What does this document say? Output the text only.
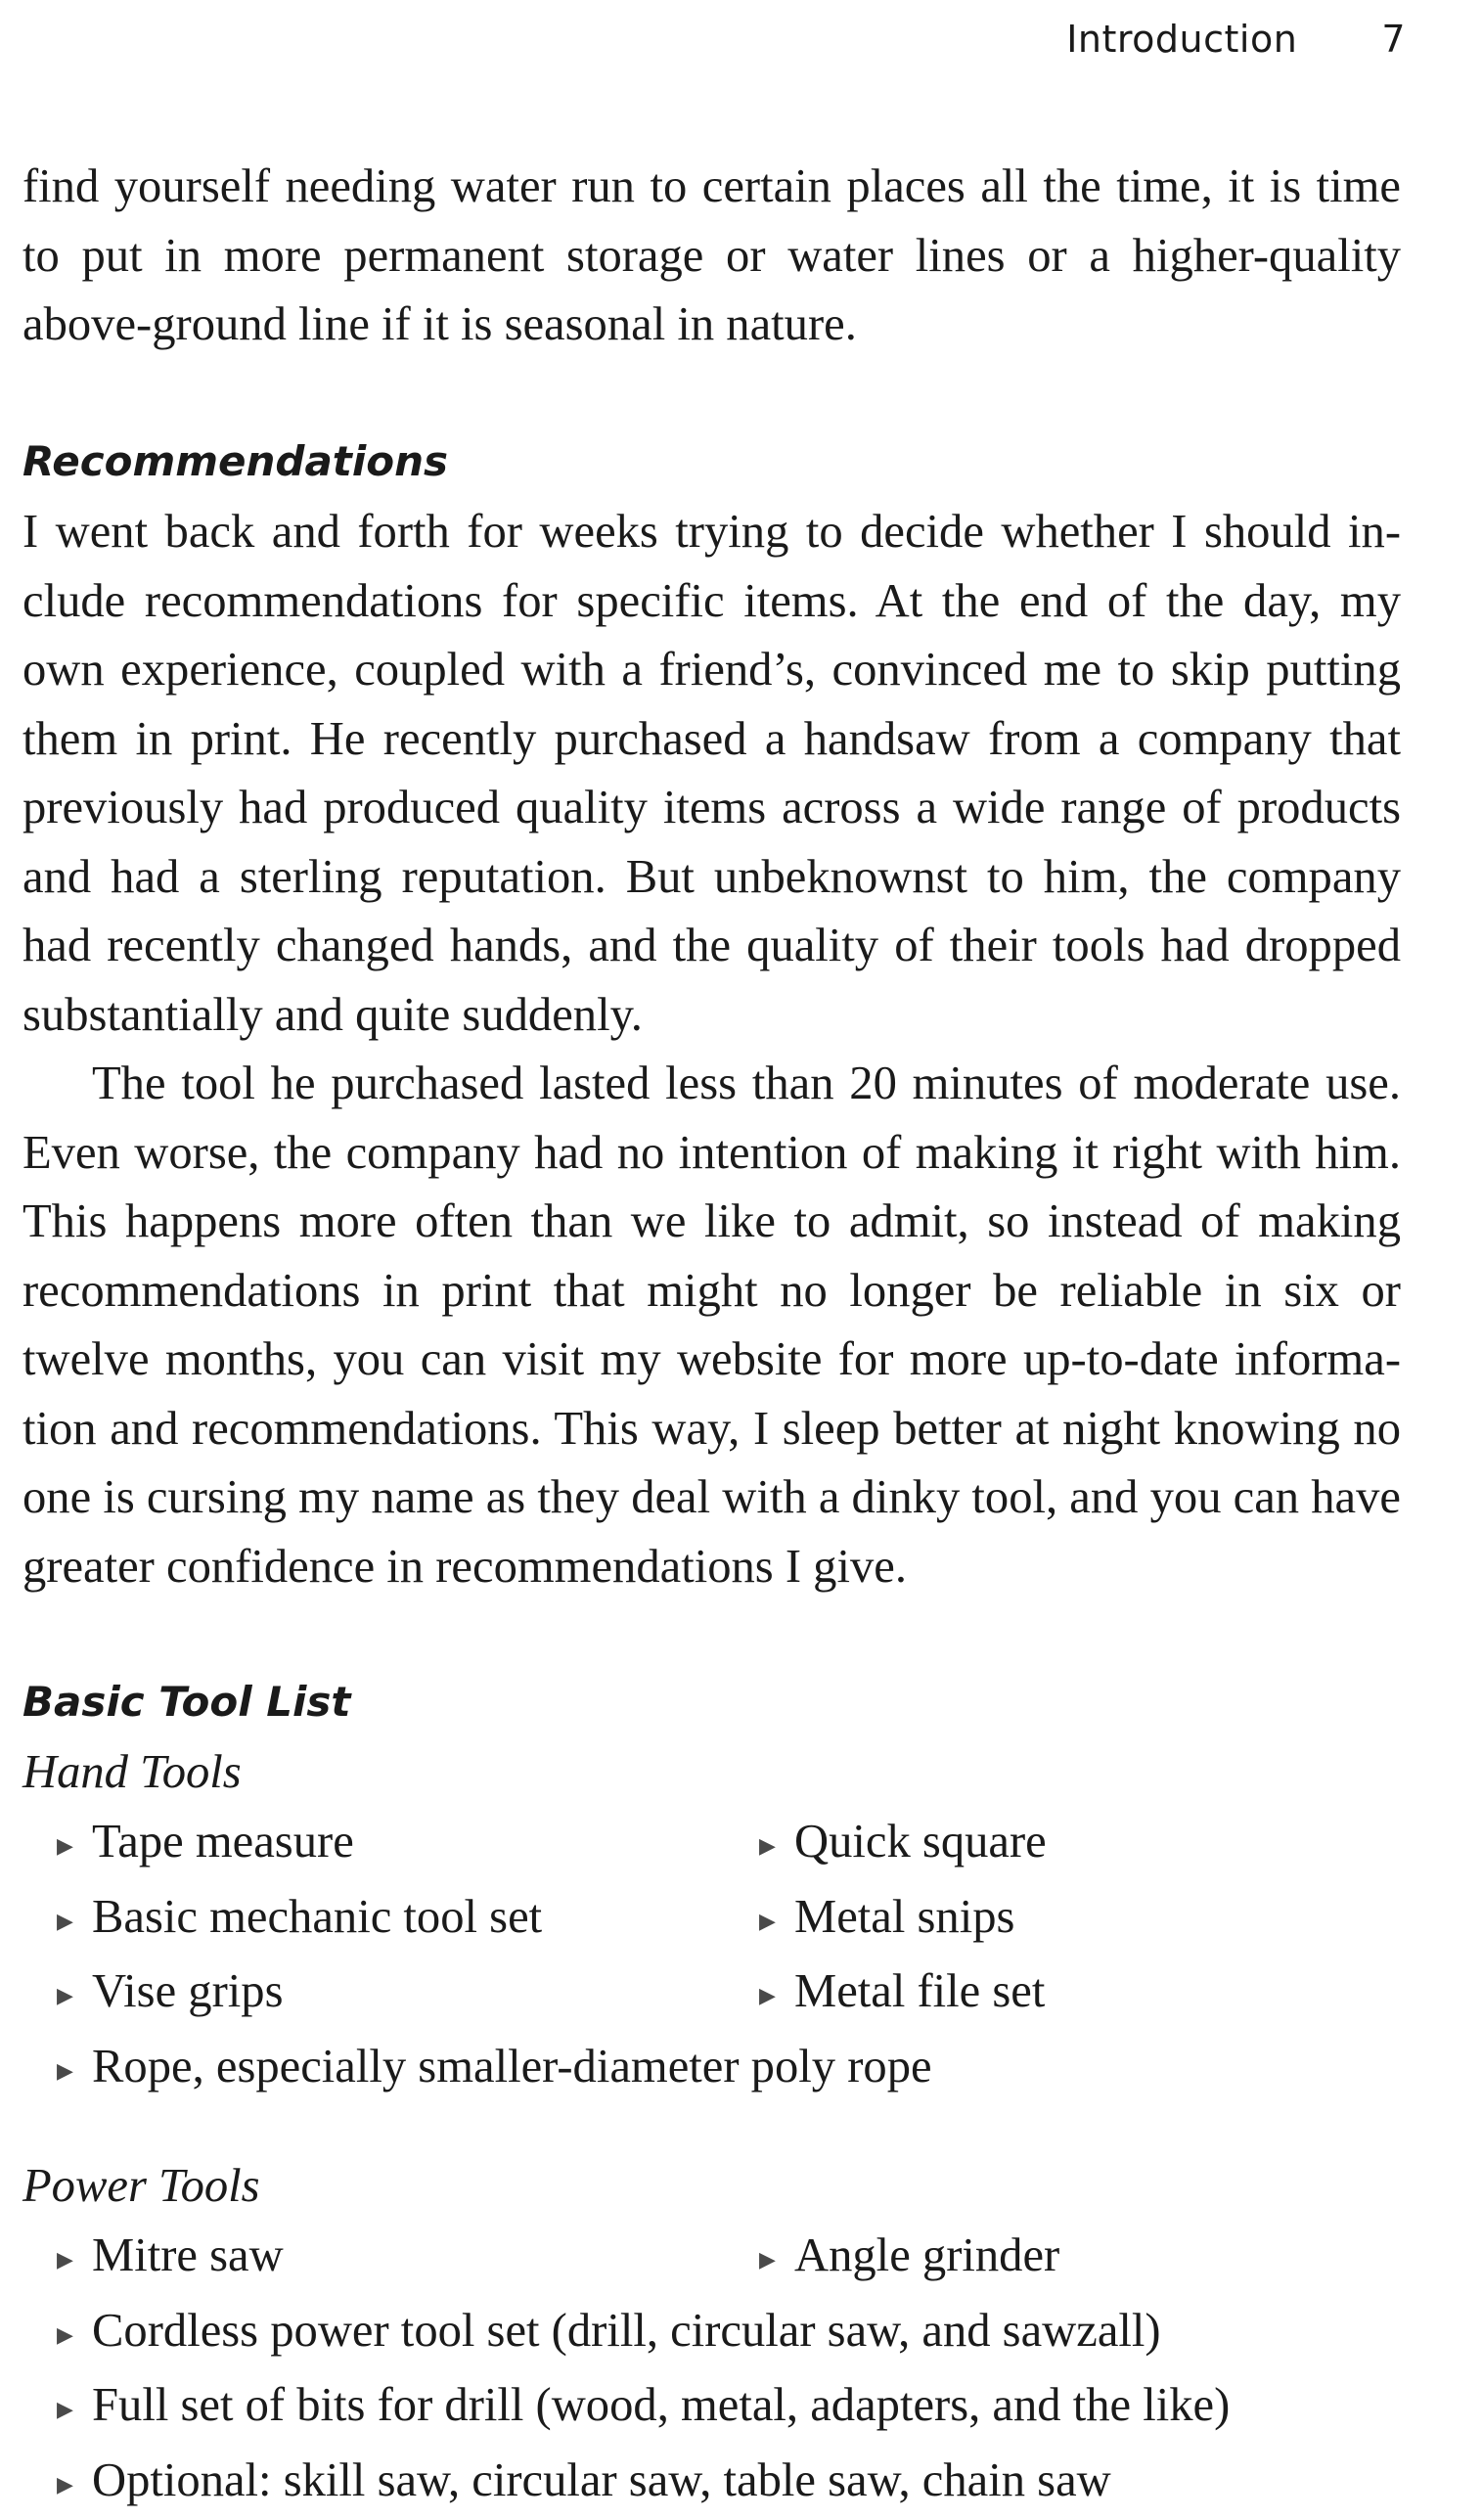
Introduction 7

find yourself needing water run to certain places all the time, it is time to put in more permanent storage or water lines or a higher-quality above-ground line if it is seasonal in nature.

Recommendations

I went back and forth for weeks trying to decide whether I should include recommendations for specific items. At the end of the day, my own experience, coupled with a friend’s, convinced me to skip putting them in print. He recently purchased a handsaw from a company that previously had produced quality items across a wide range of products and had a sterling reputation. But unbeknownst to him, the company had recently changed hands, and the quality of their tools had dropped substantially and quite suddenly.

The tool he purchased lasted less than 20 minutes of moderate use. Even worse, the company had no intention of making it right with him. This happens more often than we like to admit, so instead of making recommendations in print that might no longer be reliable in six or twelve months, you can visit my website for more up-to-date information and recommendations. This way, I sleep better at night knowing no one is cursing my name as they deal with a dinky tool, and you can have greater confidence in recommendations I give.

Basic Tool List
Hand Tools
▶ Tape measure	▶ Quick square ▶ Basic mechanic tool set	▶ Metal snips ▶ Vise grips	▶ Metal file set
▶ Rope, especially smaller-diameter poly rope
Power Tools
▶ Mitre saw	▶ Angle grinder
▶ Cordless power tool set (drill, circular saw, and sawzall)
▶ Full set of bits for drill (wood, metal, adapters, and the like)
▶ Optional: skill saw, circular saw, table saw, chain saw
